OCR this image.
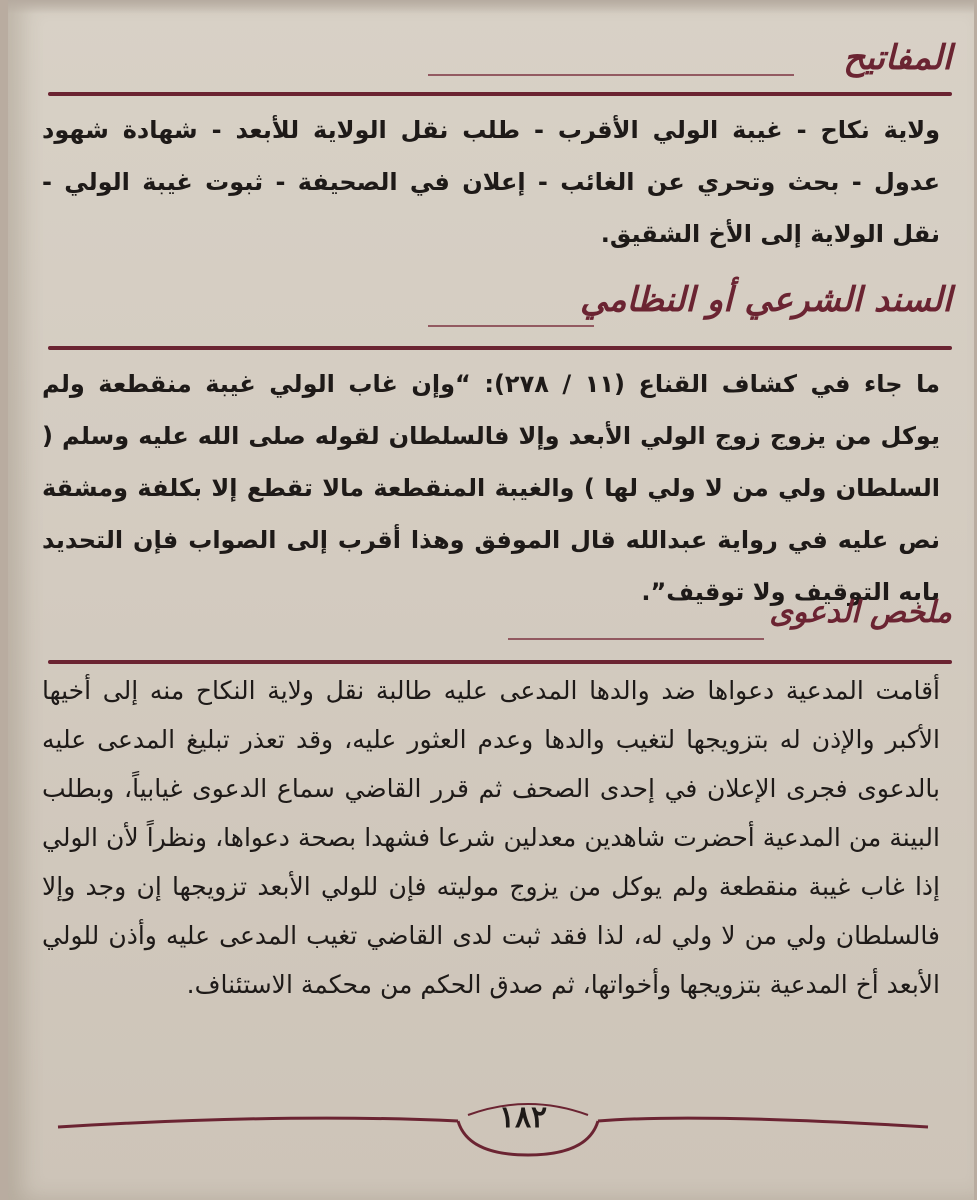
المفاتيح
ولاية نكاح - غيبة الولي الأقرب - طلب نقل الولاية للأبعد - شهادة شهود عدول - بحث وتحري عن الغائب - إعلان في الصحيفة - ثبوت غيبة الولي - نقل الولاية إلى الأخ الشقيق.
السند الشرعي أو النظامي
ما جاء في كشاف القناع (١١ / ٢٧٨): “وإن غاب الولي غيبة منقطعة ولم يوكل من يزوج زوج الولي الأبعد وإلا فالسلطان لقوله صلى الله عليه وسلم ( السلطان ولي من لا ولي لها ) والغيبة المنقطعة مالا تقطع إلا بكلفة ومشقة نص عليه في رواية عبدالله قال الموفق وهذا أقرب إلى الصواب فإن التحديد بابه التوقيف ولا توقيف”.
ملخص الدعوى
أقامت المدعية دعواها ضد والدها المدعى عليه طالبة نقل ولاية النكاح منه إلى أخيها الأكبر والإذن له بتزويجها لتغيب والدها وعدم العثور عليه، وقد تعذر تبليغ المدعى عليه بالدعوى فجرى الإعلان في إحدى الصحف ثم قرر القاضي سماع الدعوى غيابياً، وبطلب البينة من المدعية أحضرت شاهدين معدلين شرعا فشهدا بصحة دعواها، ونظراً لأن الولي إذا غاب غيبة منقطعة ولم يوكل من يزوج موليته فإن للولي الأبعد تزويجها إن وجد وإلا فالسلطان ولي من لا ولي له، لذا فقد ثبت لدى القاضي تغيب المدعى عليه وأذن للولي الأبعد أخ المدعية بتزويجها وأخواتها، ثم صدق الحكم من محكمة الاستئناف.
١٨٢
